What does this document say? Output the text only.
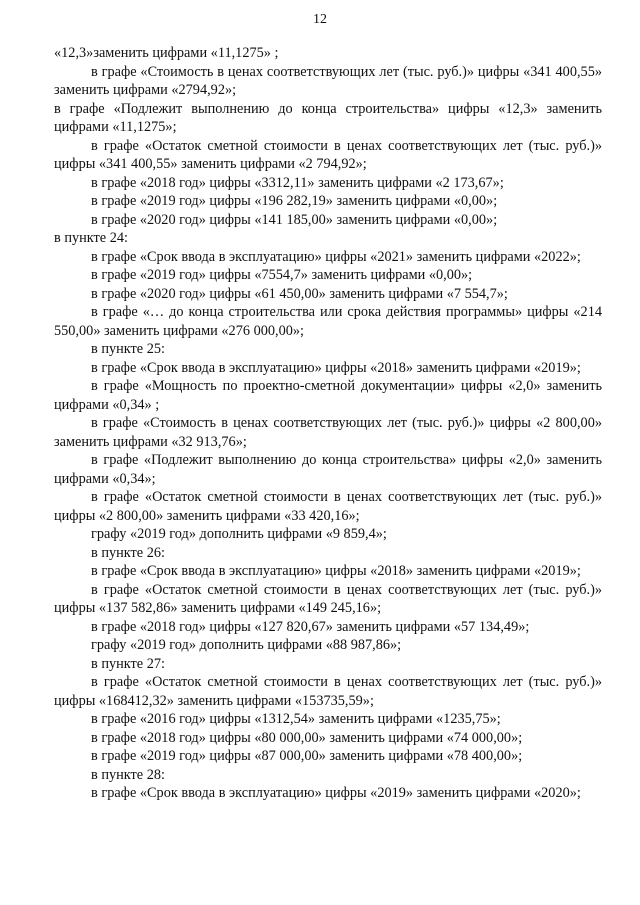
12

«12,3»заменить цифрами «11,1275» ;

в графе «Стоимость в ценах соответствующих лет (тыс. руб.)» цифры «341 400,55» заменить цифрами «2794,92»;

в графе «Подлежит выполнению до конца строительства» цифры «12,3» заменить цифрами «11,1275»;

в графе «Остаток сметной стоимости в ценах соответствующих лет (тыс. руб.)» цифры «341 400,55» заменить цифрами «2 794,92»;

в графе «2018 год» цифры «3312,11» заменить цифрами «2 173,67»;

в графе «2019 год» цифры «196 282,19» заменить цифрами «0,00»;

в графе «2020 год» цифры «141 185,00» заменить цифрами «0,00»;

в пункте 24:

в графе «Срок ввода в эксплуатацию» цифры «2021» заменить цифрами «2022»;

в графе «2019 год» цифры «7554,7» заменить цифрами «0,00»;

в графе «2020 год» цифры «61 450,00» заменить цифрами «7 554,7»;

в графе «… до конца строительства или срока действия программы» цифры «214 550,00» заменить цифрами «276 000,00»;

в пункте 25:

в графе «Срок ввода в эксплуатацию» цифры «2018» заменить цифрами «2019»;

в графе «Мощность по проектно-сметной документации» цифры «2,0» заменить цифрами «0,34» ;

в графе «Стоимость в ценах соответствующих лет (тыс. руб.)» цифры «2 800,00» заменить цифрами «32 913,76»;

в графе «Подлежит выполнению до конца строительства» цифры «2,0» заменить цифрами «0,34»;

в графе «Остаток сметной стоимости в ценах соответствующих лет (тыс. руб.)» цифры «2 800,00» заменить цифрами «33 420,16»;

графу «2019 год» дополнить цифрами «9 859,4»;

в пункте 26:

в графе «Срок ввода в эксплуатацию» цифры «2018» заменить цифрами «2019»;

в графе «Остаток сметной стоимости в ценах соответствующих лет (тыс. руб.)» цифры «137 582,86» заменить цифрами «149 245,16»;

в графе «2018 год» цифры «127 820,67» заменить цифрами «57 134,49»;

графу «2019 год» дополнить цифрами «88 987,86»;

в пункте 27:

в графе «Остаток сметной стоимости в ценах соответствующих лет (тыс. руб.)» цифры «168412,32» заменить цифрами «153735,59»;

в графе «2016 год» цифры «1312,54» заменить цифрами «1235,75»;

в графе «2018 год» цифры «80 000,00» заменить цифрами «74 000,00»;

в графе «2019 год» цифры «87 000,00» заменить цифрами «78 400,00»;

в пункте 28:

в графе «Срок ввода в эксплуатацию» цифры «2019» заменить цифрами «2020»;
